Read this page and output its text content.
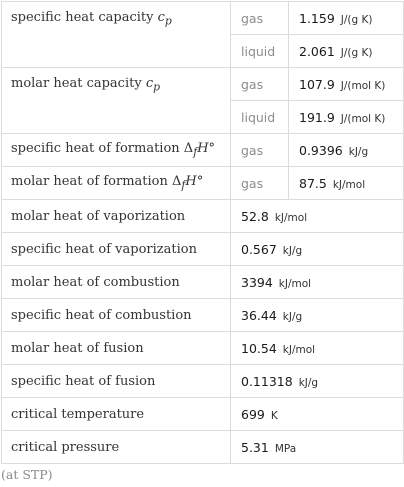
specific heat capacity $c_p$	gas	1.159 J/(g K)
	liquid	2.061 J/(g K)
molar heat capacity $c_p$	gas	107.9 J/(mol K)
	liquid	191.9 J/(mol K)
specific heat of formation $\Delta_fH^\circ$	gas	0.9396 kJ/g
molar heat of formation $\Delta_fH^\circ$	gas	87.5 kJ/mol
molar heat of vaporization	52.8 kJ/mol	
specific heat of vaporization	0.567 kJ/g	
molar heat of combustion	3394 kJ/mol	
specific heat of combustion	36.44 kJ/g	
molar heat of fusion	10.54 kJ/mol	
specific heat of fusion	0.11318 kJ/g	
critical temperature	699 K	
critical pressure	5.31 MPa	
(at STP)
